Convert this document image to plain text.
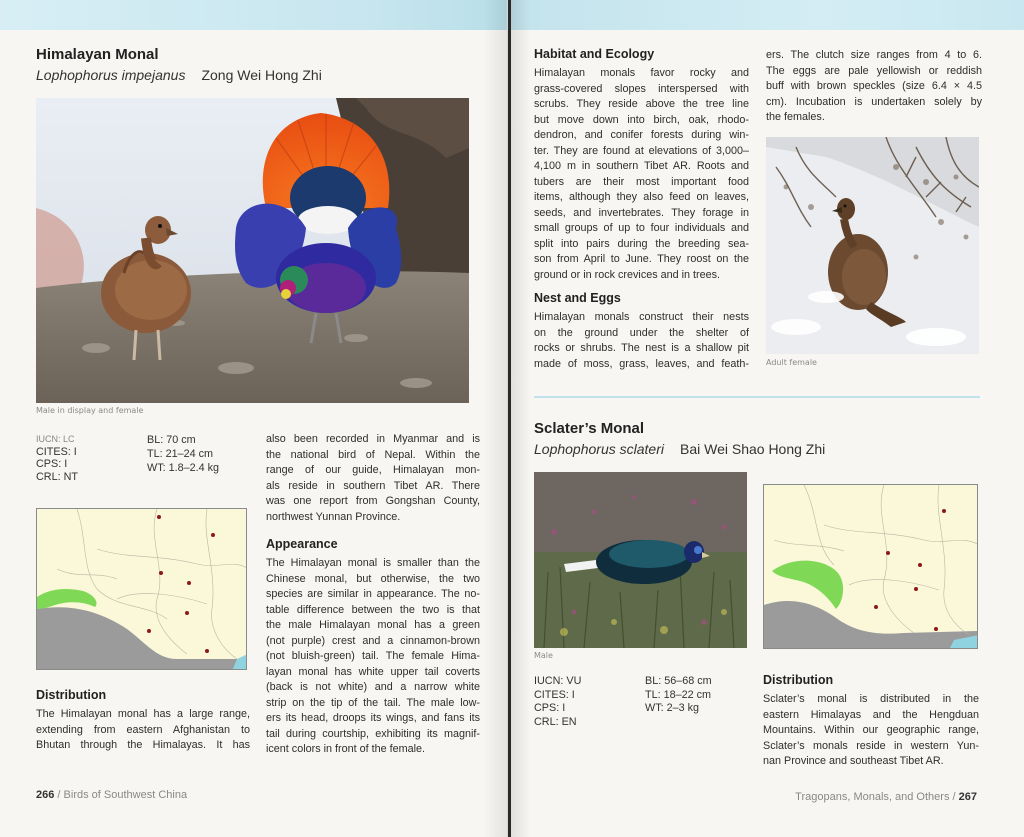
Himalayan Monal
Lophophorus impejanus Zong Wei Hong Zhi
Male in display and female
IUCN: LC
CITES: I
CPS: I
CRL: NT
BL: 70 cm
TL: 21–24 cm
WT: 1.8–2.4 kg
Distribution
The Himalayan monal has a large range,
extending from eastern Afghanistan to
Bhutan through the Himalayas. It has
also been recorded in Myanmar and is
the national bird of Nepal. Within the
range of our guide, Himalayan mon-
als reside in southern Tibet AR. There
was one report from Gongshan County,
northwest Yunnan Province.
Appearance
The Himalayan monal is smaller than the
Chinese monal, but otherwise, the two
species are similar in appearance. The no-
table difference between the two is that
the male Himalayan monal has a green
(not purple) crest and a cinnamon-brown
(not bluish-green) tail. The female Hima-
layan monal has white upper tail coverts
(back is not white) and a narrow white
strip on the tip of the tail. The male low-
ers its head, droops its wings, and fans its
tail during courtship, exhibiting its magnif-
icent colors in front of the female.
266 / Birds of Southwest China
Habitat and Ecology
Himalayan monals favor rocky and
grass-covered slopes interspersed with
scrubs. They reside above the tree line
but move down into birch, oak, rhodo-
dendron, and conifer forests during win-
ter. They are found at elevations of 3,000–
4,100 m in southern Tibet AR. Roots and
tubers are their most important food
items, although they also feed on leaves,
seeds, and invertebrates. They forage in
small groups of up to four individuals and
split into pairs during the breeding sea-
son from April to June. They roost on the
ground or in rock crevices and in trees.
Nest and Eggs
Himalayan monals construct their nests
on the ground under the shelter of
rocks or shrubs. The nest is a shallow pit
made of moss, grass, leaves, and feath-
ers. The clutch size ranges from 4 to 6.
The eggs are pale yellowish or reddish
buff with brown speckles (size 6.4 × 4.5
cm). Incubation is undertaken solely by
the females.
Adult female
Sclater’s Monal
Lophophorus sclateri Bai Wei Shao Hong Zhi
Male
IUCN: VU
CITES: I
CPS: I
CRL: EN
BL: 56–68 cm
TL: 18–22 cm
WT: 2–3 kg
Distribution
Sclater’s monal is distributed in the
eastern Himalayas and the Hengduan
Mountains. Within our geographic range,
Sclater’s monals reside in western Yun-
nan Province and southeast Tibet AR.
Tragopans, Monals, and Others / 267
